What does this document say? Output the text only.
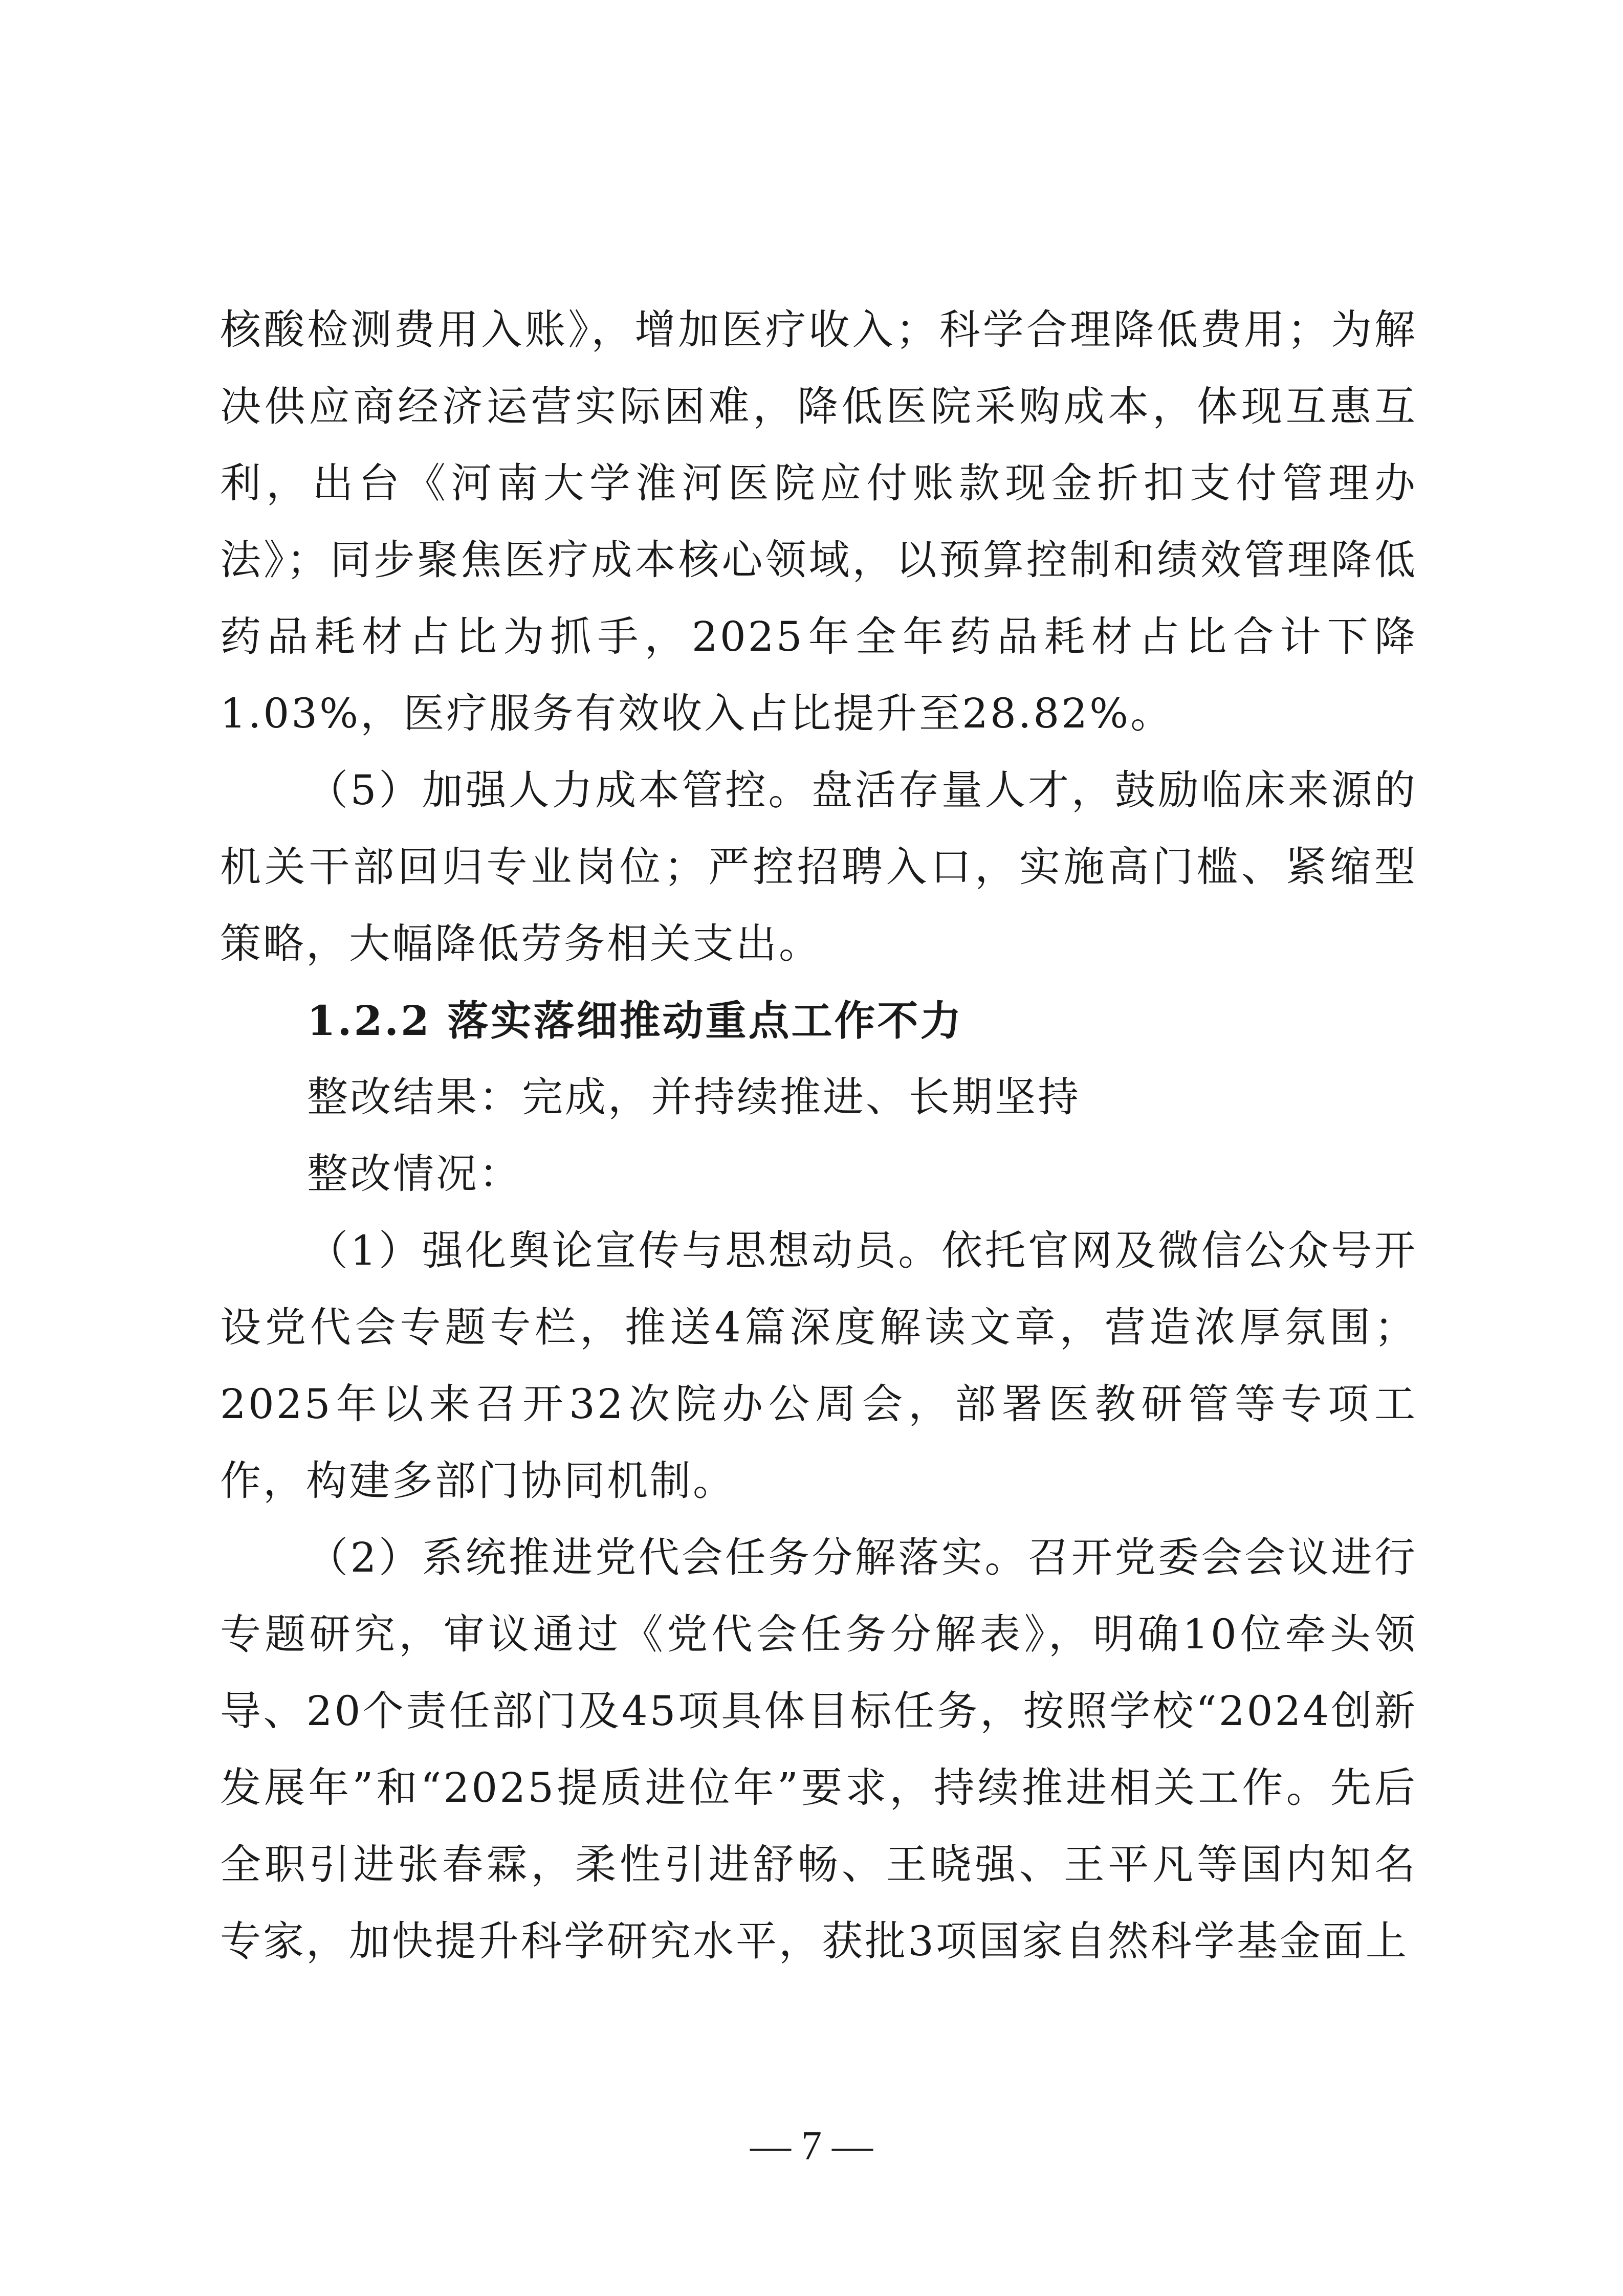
核酸检测费用入账》，增加医疗收入；科学合理降低费用；为解决供应商经济运营实际困难，降低医院采购成本，体现互惠互利，出台《河南大学淮河医院应付账款现金折扣支付管理办法》；同步聚焦医疗成本核心领域，以预算控制和绩效管理降低药品耗材占比为抓手，2025年全年药品耗材占比合计下降1.03%，医疗服务有效收入占比提升至28.82%。

（5）加强人力成本管控。盘活存量人才，鼓励临床来源的机关干部回归专业岗位；严控招聘入口，实施高门槛、紧缩型策略，大幅降低劳务相关支出。

1.2.2 落实落细推动重点工作不力

整改结果：完成，并持续推进、长期坚持

整改情况：

（1）强化舆论宣传与思想动员。依托官网及微信公众号开设党代会专题专栏，推送4篇深度解读文章，营造浓厚氛围；2025年以来召开32次院办公周会，部署医教研管等专项工作，构建多部门协同机制。

（2）系统推进党代会任务分解落实。召开党委会会议进行专题研究，审议通过《党代会任务分解表》，明确10位牵头领导、20个责任部门及45项具体目标任务，按照学校“2024创新发展年”和“2025提质进位年”要求，持续推进相关工作。先后全职引进张春霖，柔性引进舒畅、王晓强、王平凡等国内知名专家，加快提升科学研究水平，获批3项国家自然科学基金面上

— 7 —
